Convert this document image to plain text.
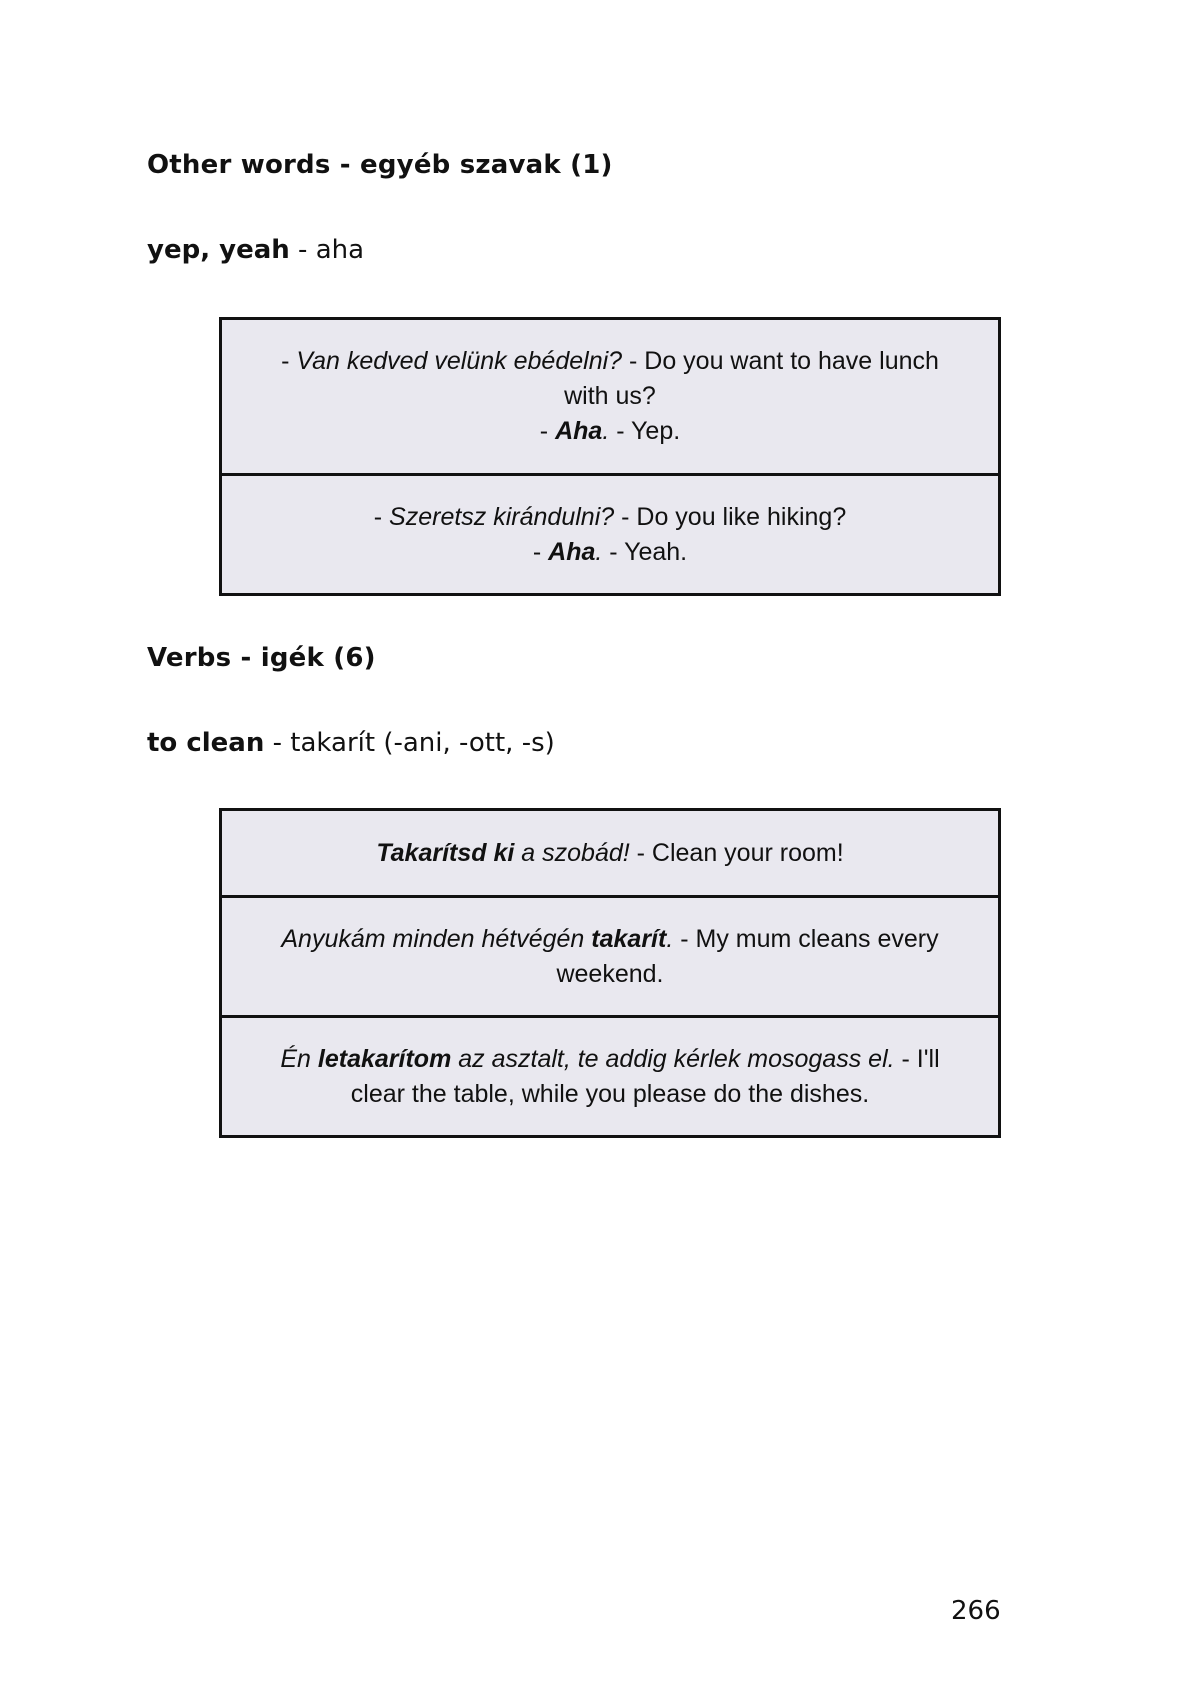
Other words - egyéb szavak (1)
yep, yeah - aha
- Van kedved velünk ebédelni? - Do you want to have lunch
with us?
- Aha. - Yep.
- Szeretsz kirándulni? - Do you like hiking?
- Aha. - Yeah.
Verbs - igék (6)
to clean - takarít (-ani, -ott, -s)
Takarítsd ki a szobád! - Clean your room!
Anyukám minden hétvégén takarít. - My mum cleans every
weekend.
Én letakarítom az asztalt, te addig kérlek mosogass el. - I'll
clear the table, while you please do the dishes.
266
